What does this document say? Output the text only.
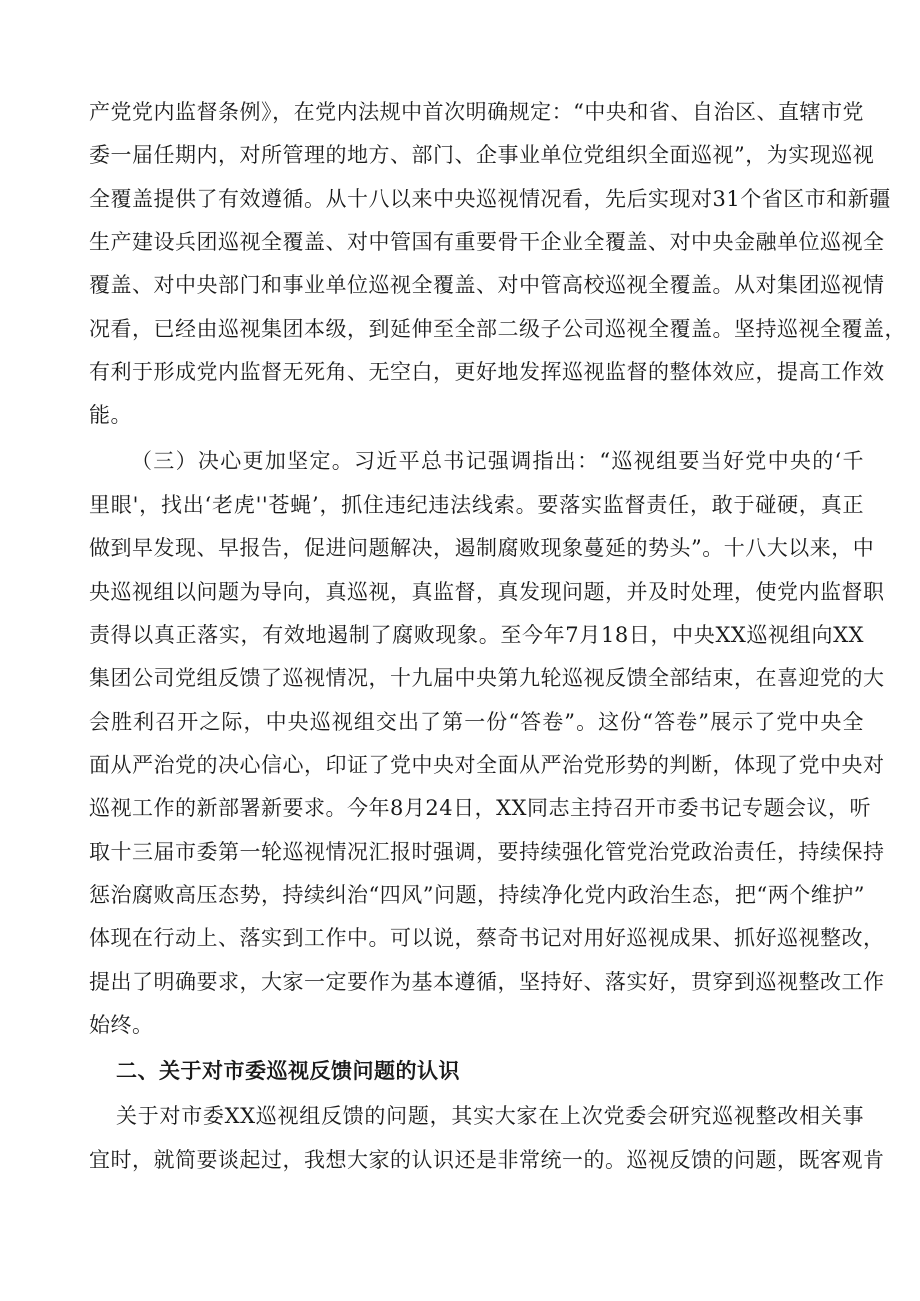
产党党内监督条例》，在党内法规中首次明确规定：“中央和省、自治区、直辖市党
委一届任期内，对所管理的地方、部门、企事业单位党组织全面巡视”，为实现巡视
全覆盖提供了有效遵循。从十八以来中央巡视情况看，先后实现对31个省区市和新疆
生产建设兵团巡视全覆盖、对中管国有重要骨干企业全覆盖、对中央金融单位巡视全
覆盖、对中央部门和事业单位巡视全覆盖、对中管高校巡视全覆盖。从对集团巡视情
况看，已经由巡视集团本级，到延伸至全部二级子公司巡视全覆盖。坚持巡视全覆盖，
有利于形成党内监督无死角、无空白，更好地发挥巡视监督的整体效应，提高工作效
能。
（三）决心更加坚定。习近平总书记强调指出：“巡视组要当好党中央的‘千
里眼'，找出‘老虎''苍蝇’，抓住违纪违法线索。要落实监督责任，敢于碰硬，真正
做到早发现、早报告，促进问题解决，遏制腐败现象蔓延的势头”。十八大以来，中
央巡视组以问题为导向，真巡视，真监督，真发现问题，并及时处理，使党内监督职
责得以真正落实，有效地遏制了腐败现象。至今年7月18日，中央XX巡视组向XX
集团公司党组反馈了巡视情况，十九届中央第九轮巡视反馈全部结束，在喜迎党的大
会胜利召开之际，中央巡视组交出了第一份“答卷”。这份“答卷”展示了党中央全
面从严治党的决心信心，印证了党中央对全面从严治党形势的判断，体现了党中央对
巡视工作的新部署新要求。今年8月24日，XX同志主持召开市委书记专题会议，听
取十三届市委第一轮巡视情况汇报时强调，要持续强化管党治党政治责任，持续保持
惩治腐败高压态势，持续纠治“四风”问题，持续净化党内政治生态，把“两个维护”
体现在行动上、落实到工作中。可以说，蔡奇书记对用好巡视成果、抓好巡视整改，
提出了明确要求，大家一定要作为基本遵循，坚持好、落实好，贯穿到巡视整改工作
始终。
二、关于对市委巡视反馈问题的认识
关于对市委XX巡视组反馈的问题，其实大家在上次党委会研究巡视整改相关事
宜时，就简要谈起过，我想大家的认识还是非常统一的。巡视反馈的问题，既客观肯
